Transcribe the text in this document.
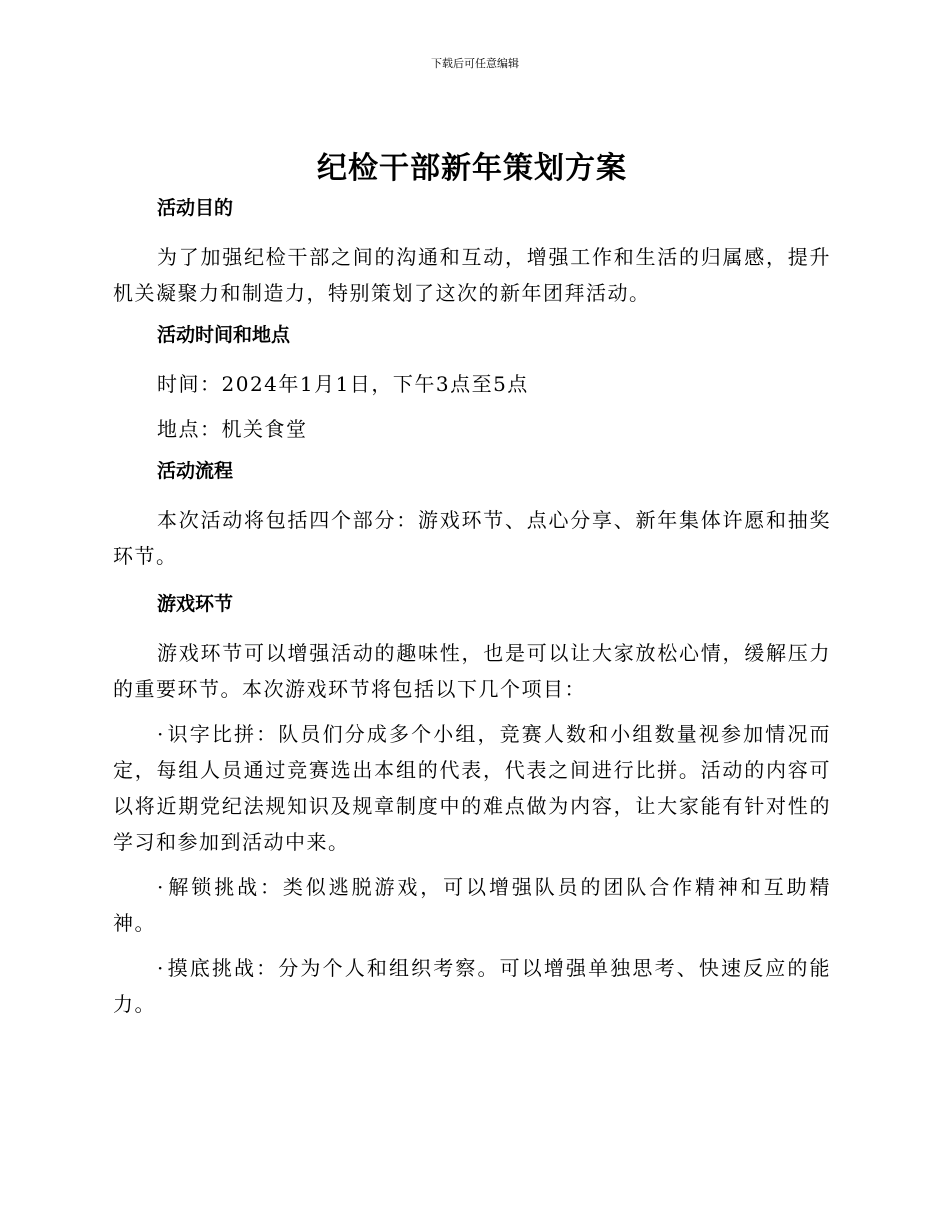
下载后可任意编辑
纪检干部新年策划方案
活动目的

为了加强纪检干部之间的沟通和互动，增强工作和生活的归属感，提升机关凝聚力和制造力，特别策划了这次的新年团拜活动。

活动时间和地点

时间：2024年1月1日，下午3点至5点

地点：机关食堂

活动流程

本次活动将包括四个部分：游戏环节、点心分享、新年集体许愿和抽奖环节。

游戏环节

游戏环节可以增强活动的趣味性，也是可以让大家放松心情，缓解压力的重要环节。本次游戏环节将包括以下几个项目：

· 识字比拼：队员们分成多个小组，竞赛人数和小组数量视参加情况而定，每组人员通过竞赛选出本组的代表，代表之间进行比拼。活动的内容可以将近期党纪法规知识及规章制度中的难点做为内容，让大家能有针对性的学习和参加到活动中来。

· 解锁挑战：类似逃脱游戏，可以增强队员的团队合作精神和互助精神。

· 摸底挑战：分为个人和组织考察。可以增强单独思考、快速反应的能力。
